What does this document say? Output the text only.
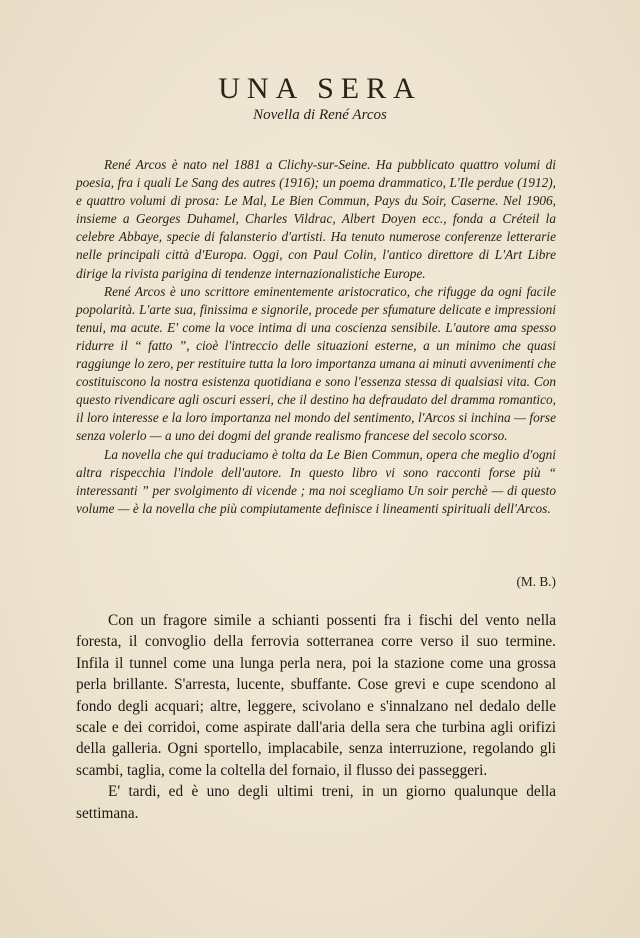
UNA SERA
Novella di René Arcos

René Arcos è nato nel 1881 a Clichy-sur-Seine. Ha pubblicato quattro volumi di poesia, fra i quali Le Sang des autres (1916); un poema drammatico, L'Ile perdue (1912), e quattro volumi di prosa: Le Mal, Le Bien Commun, Pays du Soir, Caserne. Nel 1906, insieme a Georges Duhamel, Charles Vildrac, Albert Doyen ecc., fonda a Créteil la celebre Abbaye, specie di falansterio d'artisti. Ha tenuto numerose conferenze letterarie nelle principali città d'Europa. Oggi, con Paul Colin, l'antico direttore di L'Art Libre dirige la rivista parigina di tendenze internazionalistiche Europe.

René Arcos è uno scrittore eminentemente aristocratico, che rifugge da ogni facile popolarità. L'arte sua, finissima e signorile, procede per sfumature delicate e impressioni tenui, ma acute. E' come la voce intima di una coscienza sensibile. L'autore ama spesso ridurre il “ fatto ”, cioè l'intreccio delle situazioni esterne, a un minimo che quasi raggiunge lo zero, per restituire tutta la loro importanza umana ai minuti avvenimenti che costituiscono la nostra esistenza quotidiana e sono l'essenza stessa di qualsiasi vita. Con questo rivendicare agli oscuri esseri, che il destino ha defraudato del dramma romantico, il loro interesse e la loro importanza nel mondo del sentimento, l'Arcos si inchina — forse senza volerlo — a uno dei dogmi del grande realismo francese del secolo scorso.

La novella che qui traduciamo è tolta da Le Bien Commun, opera che meglio d'ogni altra rispecchia l'indole dell'autore. In questo libro vi sono racconti forse più “ interessanti ” per svolgimento di vicende ; ma noi scegliamo Un soir perchè — di questo volume — è la novella che più compiutamente definisce i lineamenti spirituali dell'Arcos.

(M. B.)

Con un fragore simile a schianti possenti fra i fischi del vento nella foresta, il convoglio della ferrovia sotterranea corre verso il suo termine. Infila il tunnel come una lunga perla nera, poi la stazione come una grossa perla brillante. S'arresta, lucente, sbuffante. Cose grevi e cupe scendono al fondo degli acquari; altre, leggere, scivolano e s'innalzano nel dedalo delle scale e dei corridoi, come aspirate dall'aria della sera che turbina agli orifizi della galleria. Ogni sportello, implacabile, senza interruzione, regolando gli scambi, taglia, come la coltella del fornaio, il flusso dei passeggeri.

E' tardi, ed è uno degli ultimi treni, in un giorno qualunque della settimana.
